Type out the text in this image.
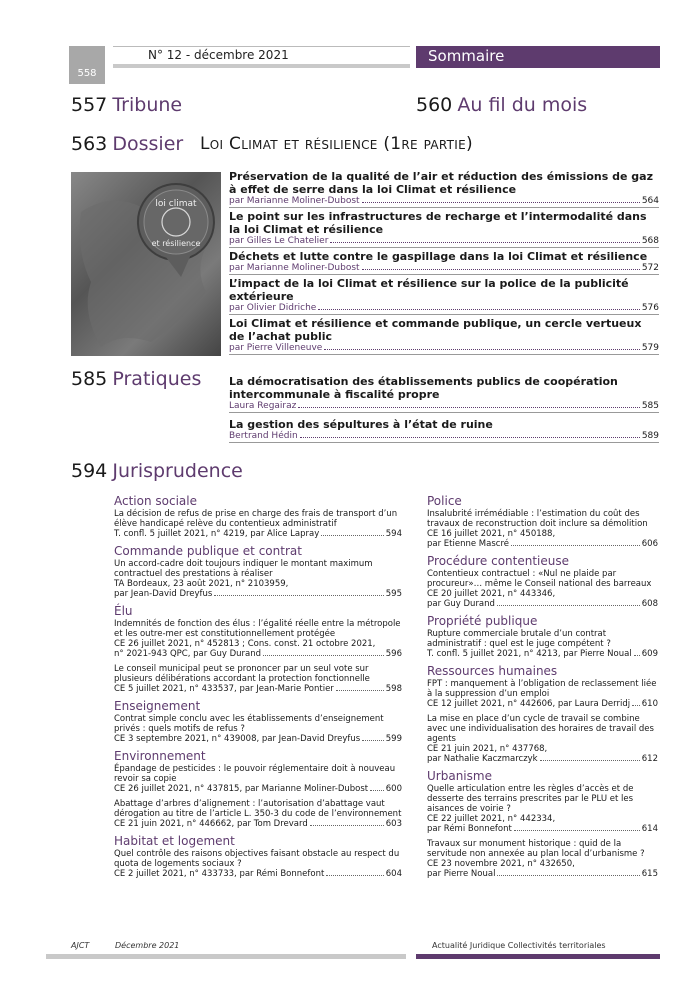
558
N° 12 - décembre 2021	Sommaire
557 Tribune	560 Au fil du mois
563 Dossier Loi Climat et résilience (1re partie)
loi climat
et résilience
Préservation de la qualité de l’air et réduction des émissions de gaz à effet de serre dans la loi Climat et résilience
par Marianne Moliner-Dubost	564
Le point sur les infrastructures de recharge et l’intermodalité dans la loi Climat et résilience
par Gilles Le Chatelier	568
Déchets et lutte contre le gaspillage dans la loi Climat et résilience
par Marianne Moliner-Dubost	572
L’impact de la loi Climat et résilience sur la police de la publicité extérieure
par Olivier Didriche	576
Loi Climat et résilience et commande publique, un cercle vertueux de l’achat public
par Pierre Villeneuve	579
585 Pratiques	La démocratisation des établissements publics de coopération intercommunale à fiscalité propre
Laura Regairaz	585
La gestion des sépultures à l’état de ruine
Bertrand Hédin	589
594 Jurisprudence
Action sociale
La décision de refus de prise en charge des frais de transport d’un élève handicapé relève du contentieux administratif
T. confl. 5 juillet 2021, n° 4219, par Alice Lapray	594
Commande publique et contrat
Un accord-cadre doit toujours indiquer le montant maximum contractuel des prestations à réaliser
TA Bordeaux, 23 août 2021, n° 2103959,
par Jean-David Dreyfus	595
Élu
Indemnités de fonction des élus : l’égalité réelle entre la métropole et les outre-mer est constitutionnellement protégée
CE 26 juillet 2021, n° 452813 ; Cons. const. 21 octobre 2021,
n° 2021-943 QPC, par Guy Durand	596
Le conseil municipal peut se prononcer par un seul vote sur plusieurs délibérations accordant la protection fonctionnelle
CE 5 juillet 2021, n° 433537, par Jean-Marie Pontier	598
Enseignement
Contrat simple conclu avec les établissements d’enseignement privés : quels motifs de refus ?
CE 3 septembre 2021, n° 439008, par Jean-David Dreyfus	599
Environnement
Épandage de pesticides : le pouvoir réglementaire doit à nouveau revoir sa copie
CE 26 juillet 2021, n° 437815, par Marianne Moliner-Dubost 600
Abattage d’arbres d’alignement : l’autorisation d’abattage vaut dérogation au titre de l’article L. 350-3 du code de l’environnement
CE 21 juin 2021, n° 446662, par Tom Drevard	603
Habitat et logement
Quel contrôle des raisons objectives faisant obstacle au respect du quota de logements sociaux ?
CE 2 juillet 2021, n° 433733, par Rémi Bonnefont	604
Police
Insalubrité irrémédiable : l’estimation du coût des travaux de reconstruction doit inclure sa démolition
CE 16 juillet 2021, n° 450188,
par Etienne Mascré	606
Procédure contentieuse
Contentieux contractuel : «Nul ne plaide par procureur»… même le Conseil national des barreaux
CE 20 juillet 2021, n° 443346,
par Guy Durand	608
Propriété publique
Rupture commerciale brutale d’un contrat administratif : quel est le juge compétent ?
T. confl. 5 juillet 2021, n° 4213, par Pierre Noual 609
Ressources humaines
FPT : manquement à l’obligation de reclassement liée à la suppression d’un emploi
CE 12 juillet 2021, n° 442606, par Laura Derridj 610
La mise en place d’un cycle de travail se combine avec une individualisation des horaires de travail des agents
CE 21 juin 2021, n° 437768,
par Nathalie Kaczmarczyk	612
Urbanisme
Quelle articulation entre les règles d’accès et de desserte des terrains prescrites par le PLU et les aisances de voirie ?
CE 22 juillet 2021, n° 442334,
par Rémi Bonnefont	614
Travaux sur monument historique : quid de la servitude non annexée au plan local d’urbanisme ?
CE 23 novembre 2021, n° 432650,
par Pierre Noual	615
AJCT	Décembre 2021	Actualité Juridique Collectivités territoriales
